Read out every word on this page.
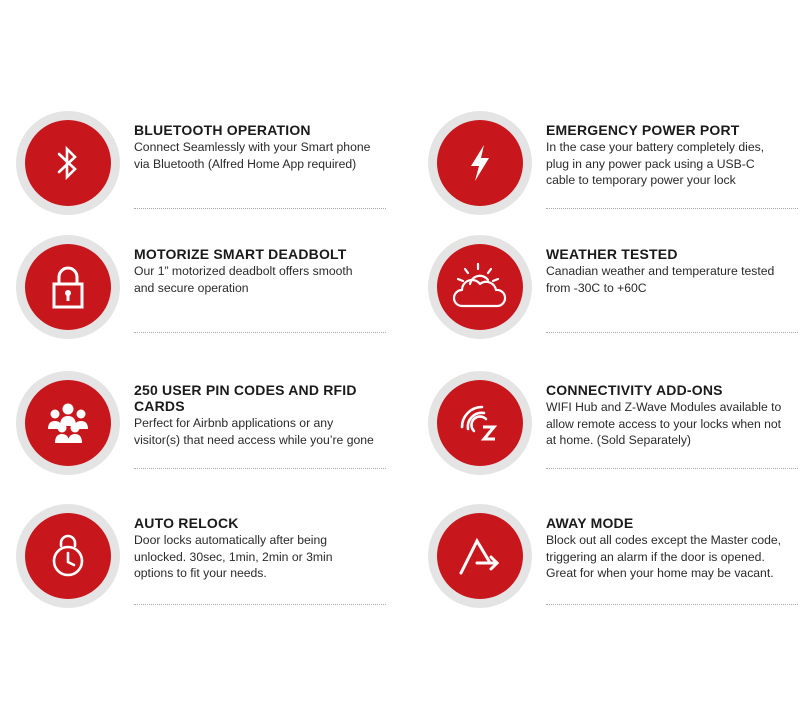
BLUETOOTH OPERATION
Connect Seamlessly with your Smart phone via Bluetooth (Alfred Home App required)
EMERGENCY POWER PORT
In the case your battery completely dies, plug in any power pack using a USB-C cable to temporary power your lock
MOTORIZE SMART DEADBOLT
Our 1” motorized deadbolt offers smooth and secure operation
WEATHER TESTED
Canadian weather and temperature tested from -30C to +60C
250 USER PIN CODES AND RFID CARDS
Perfect for Airbnb applications or any visitor(s) that need access while you’re gone
CONNECTIVITY ADD-ONS
WIFI Hub and Z-Wave Modules available to allow remote access to your locks when not at home. (Sold Separately)
AUTO RELOCK
Door locks automatically after being unlocked. 30sec, 1min, 2min or 3min options to fit your needs.
AWAY MODE
Block out all codes except the Master code, triggering an alarm if the door is opened. Great for when your home may be vacant.
